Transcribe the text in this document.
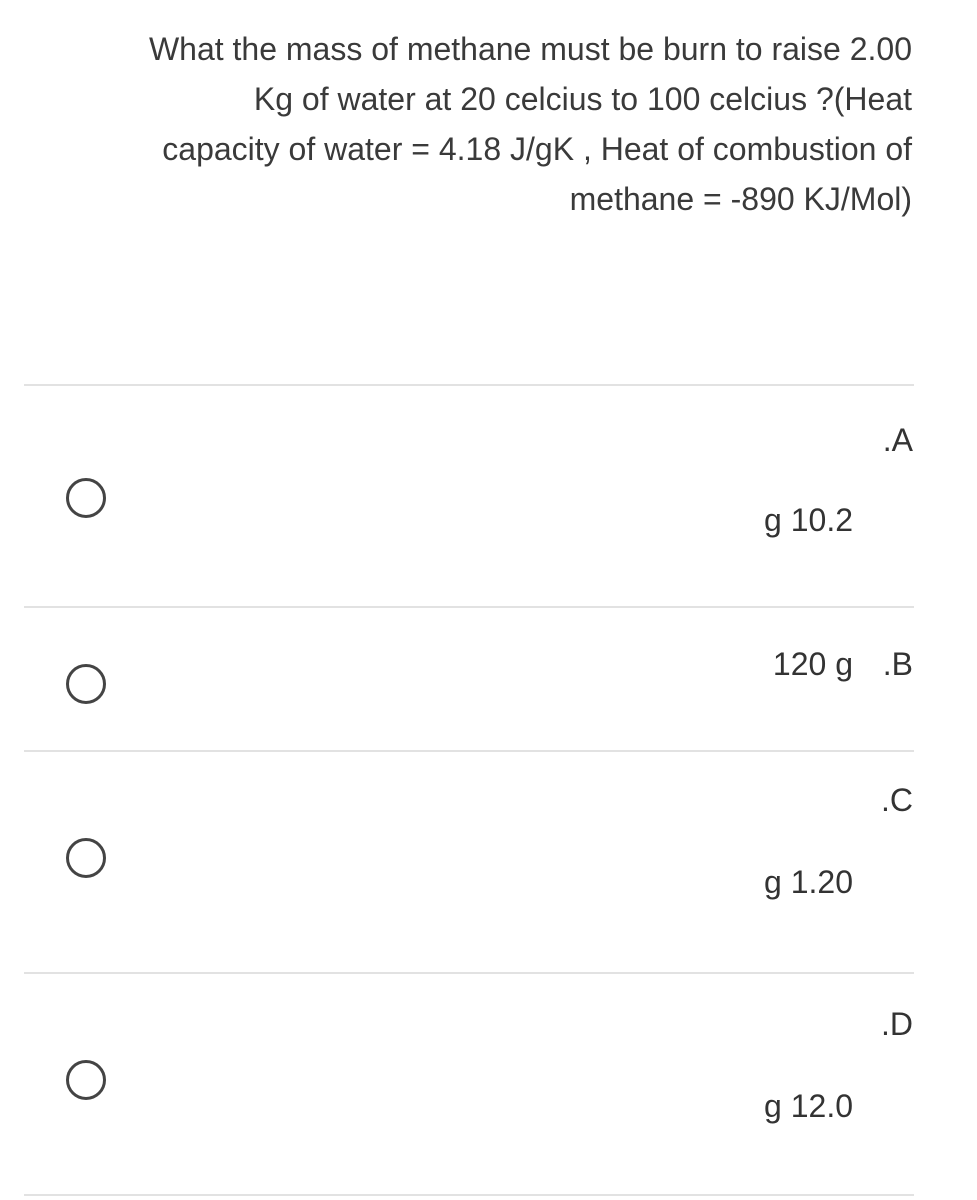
What the mass of methane must be burn to raise 2.00
Kg of water at 20 celcius to 100 celcius ?(Heat
capacity of water = 4.18 J/gK , Heat of combustion of
methane = -890 KJ/Mol)
.A
g 10.2
.B
120 g
.C
g 1.20
.D
g 12.0
